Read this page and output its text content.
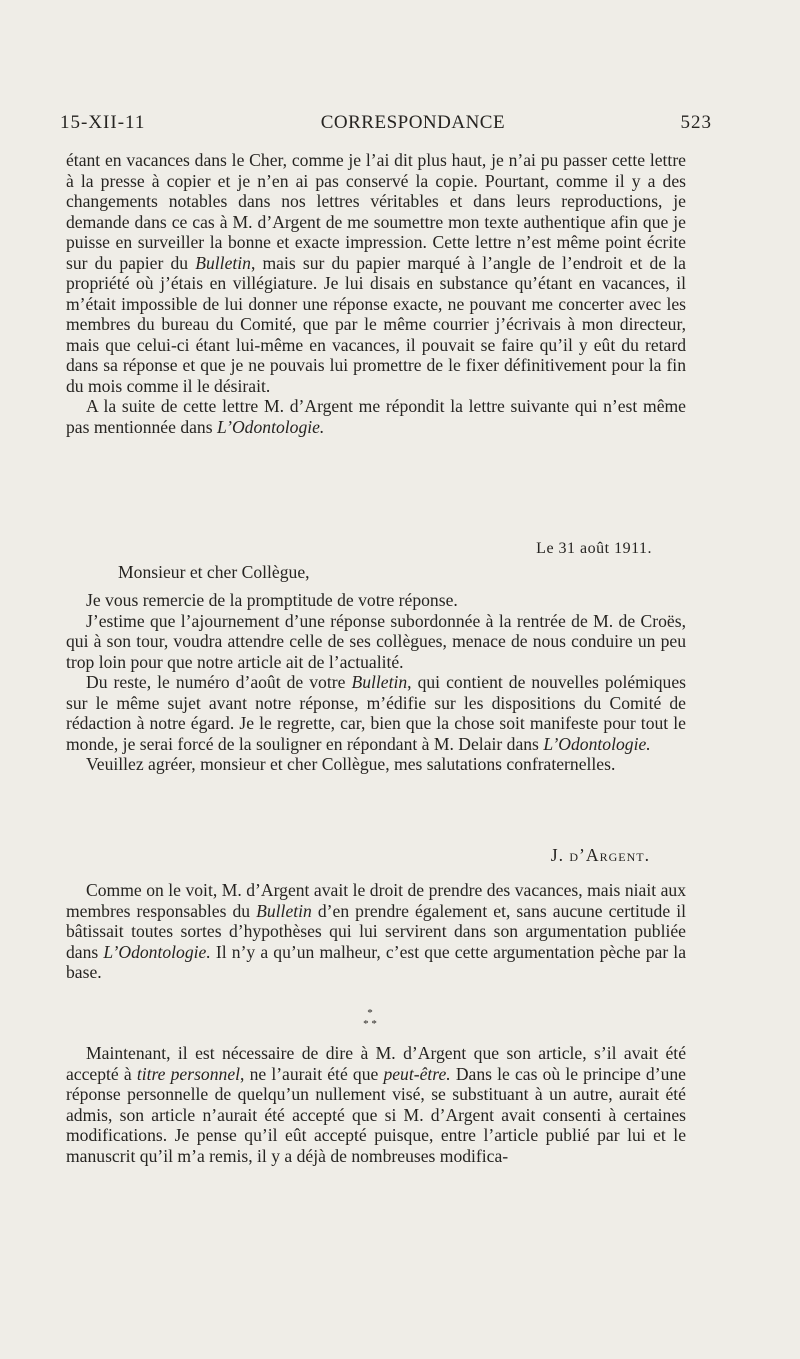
15-XII-11	CORRESPONDANCE	523

étant en vacances dans le Cher, comme je l’ai dit plus haut, je n’ai pu passer cette lettre à la presse à copier et je n’en ai pas conservé la copie. Pourtant, comme il y a des changements notables dans nos lettres véritables et dans leurs reproductions, je demande dans ce cas à M. d’Argent de me soumettre mon texte authentique afin que je puisse en surveiller la bonne et exacte impression. Cette lettre n’est même point écrite sur du papier du Bulletin, mais sur du papier marqué à l’angle de l’endroit et de la propriété où j’étais en villégiature. Je lui disais en substance qu’étant en vacances, il m’était impossible de lui donner une réponse exacte, ne pouvant me concerter avec les membres du bureau du Comité, que par le même courrier j’écrivais à mon directeur, mais que celui-ci étant lui-même en vacances, il pouvait se faire qu’il y eût du retard dans sa réponse et que je ne pouvais lui promettre de le fixer définitivement pour la fin du mois comme il le désirait.

A la suite de cette lettre M. d’Argent me répondit la lettre suivante qui n’est même pas mentionnée dans L’Odontologie.

Le 31 août 1911.
Monsieur et cher Collègue,

Je vous remercie de la promptitude de votre réponse.

J’estime que l’ajournement d’une réponse subordonnée à la rentrée de M. de Croës, qui à son tour, voudra attendre celle de ses collègues, menace de nous conduire un peu trop loin pour que notre article ait de l’actualité.

Du reste, le numéro d’août de votre Bulletin, qui contient de nouvelles polémiques sur le même sujet avant notre réponse, m’édifie sur les dispositions du Comité de rédaction à notre égard. Je le regrette, car, bien que la chose soit manifeste pour tout le monde, je serai forcé de la souligner en répondant à M. Delair dans L’Odontologie.

Veuillez agréer, monsieur et cher Collègue, mes salutations confraternelles.

J. d’Argent.

Comme on le voit, M. d’Argent avait le droit de prendre des vacances, mais niait aux membres responsables du Bulletin d’en prendre également et, sans aucune certitude il bâtissait toutes sortes d’hypothèses qui lui servirent dans son argumentation publiée dans L’Odontologie. Il n’y a qu’un malheur, c’est que cette argumentation pèche par la base.

*
* *

Maintenant, il est nécessaire de dire à M. d’Argent que son article, s’il avait été accepté à titre personnel, ne l’aurait été que peut-être. Dans le cas où le principe d’une réponse personnelle de quelqu’un nullement visé, se substituant à un autre, aurait été admis, son article n’aurait été accepté que si M. d’Argent avait consenti à certaines modifications. Je pense qu’il eût accepté puisque, entre l’article publié par lui et le manuscrit qu’il m’a remis, il y a déjà de nombreuses modifica-
